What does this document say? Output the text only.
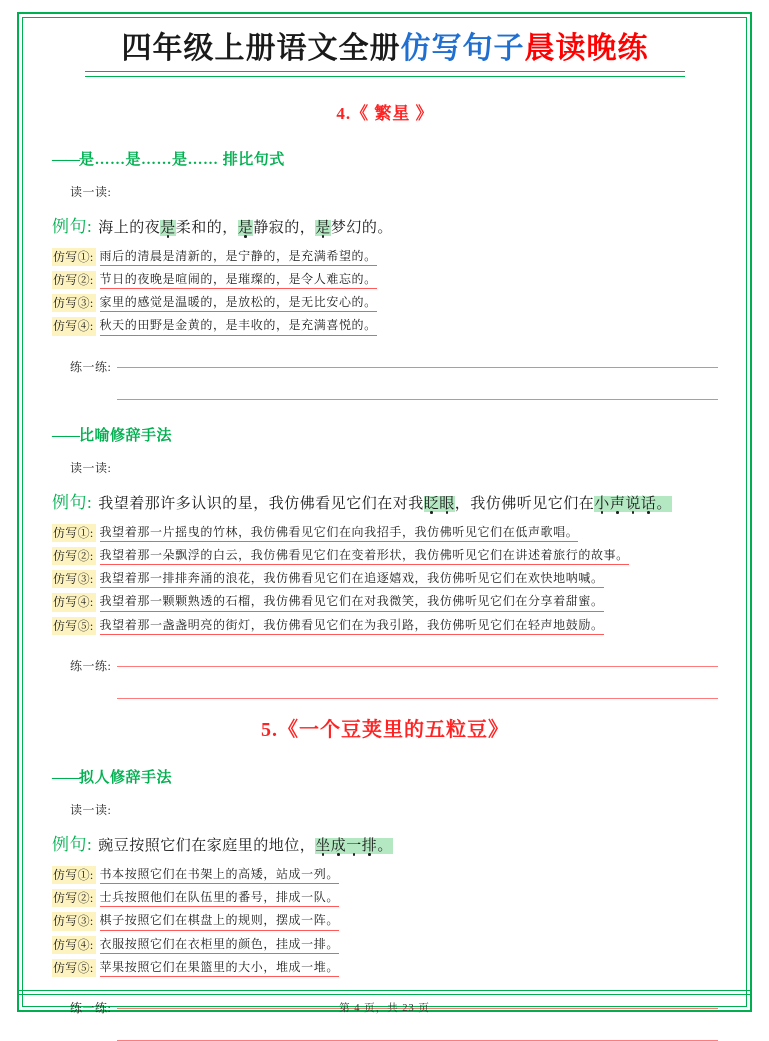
四年级上册语文全册仿写句子晨读晚练
4.《 繁星 》
——是……是……是…… 排比句式
读一读:
例句: 海上的夜是柔和的，是静寂的，是梦幻的。
仿写①: 雨后的清晨是清新的，是宁静的，是充满希望的。
仿写②: 节日的夜晚是喧闹的，是璀璨的，是令人难忘的。
仿写③: 家里的感觉是温暖的，是放松的，是无比安心的。
仿写④: 秋天的田野是金黄的，是丰收的，是充满喜悦的。
练一练:
——比喻修辞手法
读一读:
例句: 我望着那许多认识的星，我仿佛看见它们在对我眨眼，我仿佛听见它们在小声说话。
仿写①: 我望着那一片摇曳的竹林，我仿佛看见它们在向我招手，我仿佛听见它们在低声歌唱。
仿写②: 我望着那一朵飘浮的白云，我仿佛看见它们在变着形状，我仿佛听见它们在讲述着旅行的故事。
仿写③: 我望着那一排排奔涌的浪花，我仿佛看见它们在追逐嬉戏，我仿佛听见它们在欢快地呐喊。
仿写④: 我望着那一颗颗熟透的石榴，我仿佛看见它们在对我微笑，我仿佛听见它们在分享着甜蜜。
仿写⑤: 我望着那一盏盏明亮的街灯，我仿佛看见它们在为我引路，我仿佛听见它们在轻声地鼓励。
练一练:
5.《一个豆荚里的五粒豆》
——拟人修辞手法
读一读:
例句: 豌豆按照它们在家庭里的地位，坐成一排。
仿写①: 书本按照它们在书架上的高矮，站成一列。
仿写②: 士兵按照他们在队伍里的番号，排成一队。
仿写③: 棋子按照它们在棋盘上的规则，摆成一阵。
仿写④: 衣服按照它们在衣柜里的颜色，挂成一排。
仿写⑤: 苹果按照它们在果篮里的大小，堆成一堆。
练一练:	第 4 页，共 23 页
